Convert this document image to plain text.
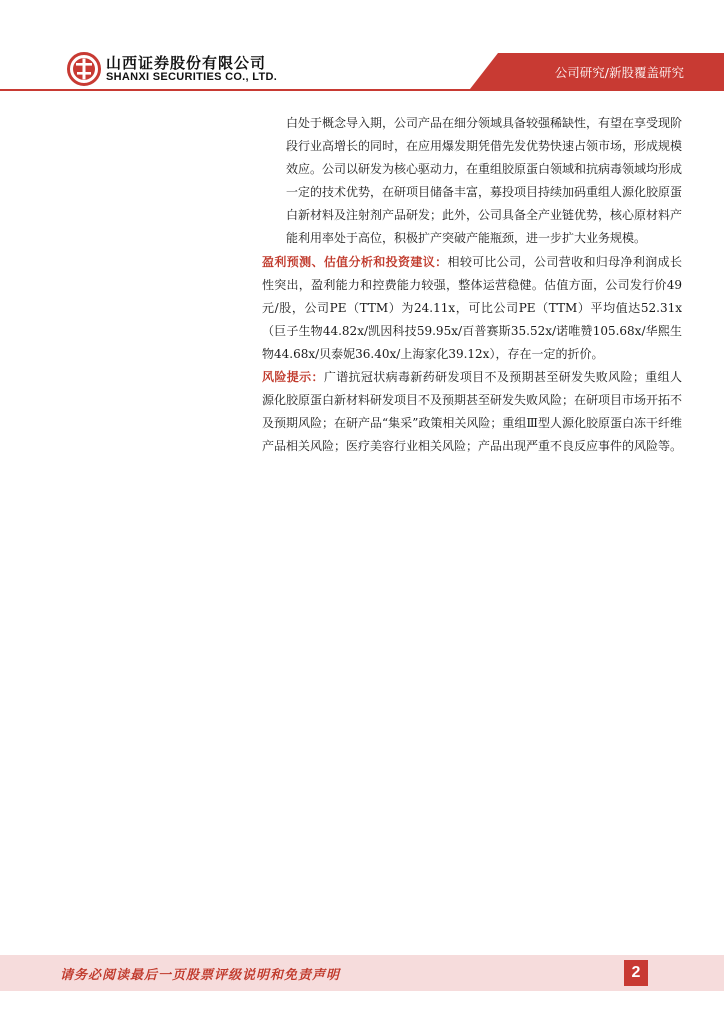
山西证券股份有限公司
SHANXI SECURITIES CO., LTD.	公司研究/新股覆盖研究

白处于概念导入期，公司产品在细分领域具备较强稀缺性，有望在享受现阶段行业高增长的同时，在应用爆发期凭借先发优势快速占领市场，形成规模效应。公司以研发为核心驱动力，在重组胶原蛋白领域和抗病毒领域均形成一定的技术优势，在研项目储备丰富，募投项目持续加码重组人源化胶原蛋白新材料及注射剂产品研发；此外，公司具备全产业链优势，核心原材料产能利用率处于高位，积极扩产突破产能瓶颈，进一步扩大业务规模。

盈利预测、估值分析和投资建议：相较可比公司，公司营收和归母净利润成长性突出，盈利能力和控费能力较强，整体运营稳健。估值方面，公司发行价49元/股，公司PE（TTM）为24.11x，可比公司PE（TTM）平均值达52.31x（巨子生物44.82x/凯因科技59.95x/百普赛斯35.52x/诺唯赞105.68x/华熙生物44.68x/贝泰妮36.40x/上海家化39.12x），存在一定的折价。

风险提示：广谱抗冠状病毒新药研发项目不及预期甚至研发失败风险；重组人源化胶原蛋白新材料研发项目不及预期甚至研发失败风险；在研项目市场开拓不及预期风险；在研产品“集采”政策相关风险；重组Ⅲ型人源化胶原蛋白冻干纤维产品相关风险；医疗美容行业相关风险；产品出现严重不良反应事件的风险等。

请务必阅读最后一页股票评级说明和免责声明	2
